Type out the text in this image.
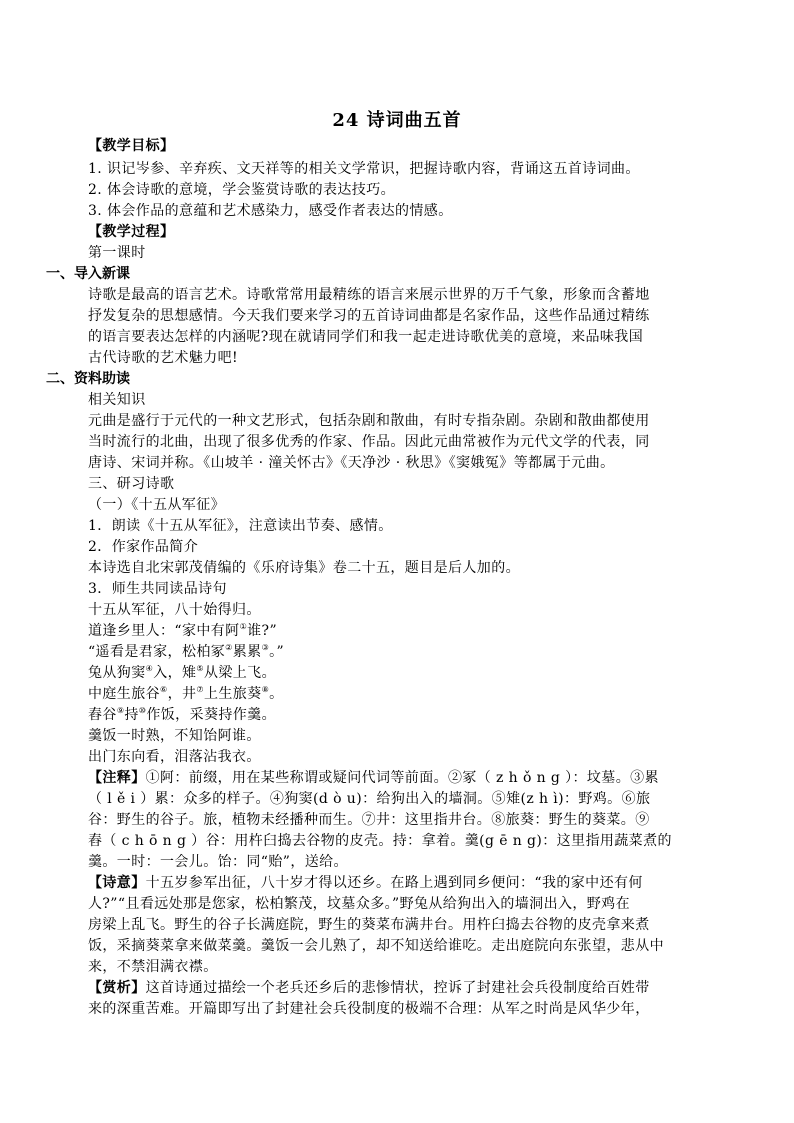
24 诗词曲五首
【教学目标】
1. 识记岑参、辛弃疾、文天祥等的相关文学常识，把握诗歌内容，背诵这五首诗词曲。
2. 体会诗歌的意境，学会鉴赏诗歌的表达技巧。
3. 体会作品的意蕴和艺术感染力，感受作者表达的情感。
【教学过程】
第一课时
一、导入新课
诗歌是最高的语言艺术。诗歌常常用最精练的语言来展示世界的万千气象，形象而含蓄地
抒发复杂的思想感情。今天我们要来学习的五首诗词曲都是名家作品，这些作品通过精练
的语言要表达怎样的内涵呢?现在就请同学们和我一起走进诗歌优美的意境，来品味我国
古代诗歌的艺术魅力吧!
二、资料助读
相关知识
元曲是盛行于元代的一种文艺形式，包括杂剧和散曲，有时专指杂剧。杂剧和散曲都使用
当时流行的北曲，出现了很多优秀的作家、作品。因此元曲常被作为元代文学的代表，同
唐诗、宋词并称。《山坡羊 · 潼关怀古》《天净沙 · 秋思》《窦娥冤》等都属于元曲。
三、研习诗歌
（一）《十五从军征》
1．朗读《十五从军征》，注意读出节奏、感情。
2．作家作品简介
本诗选自北宋郭茂倩编的《乐府诗集》卷二十五，题目是后人加的。
3．师生共同读品诗句
十五从军征，八十始得归。
道逢乡里人：“家中有阿①谁?”
“遥看是君家，松柏冢②累累③。”
兔从狗窦④入，雉⑤从梁上飞。
中庭生旅谷⑥，井⑦上生旅葵⑧。
舂谷⑨持⑩作饭，采葵持作羹。
羹饭一时熟，不知饴阿谁。
出门东向看，泪落沾我衣。
【注释】①阿：前缀，用在某些称谓或疑问代词等前面。②冢（ z h ǒ n g ）：坟墓。③累
（ l ě i ）累：众多的样子。④狗窦(d ò u)：给狗出入的墙洞。⑤雉(z h ì)：野鸡。⑥旅
谷：野生的谷子。旅，植物未经播种而生。⑦井：这里指井台。⑧旅葵：野生的葵菜。⑨
舂（ c h ō n g ）谷：用杵臼捣去谷物的皮壳。持：拿着。羹(g ē n g)：这里指用蔬菜煮的
羹。一时：一会儿。饴：同“贻”，送给。
【诗意】十五岁参军出征，八十岁才得以还乡。在路上遇到同乡便问：“我的家中还有何
人?”“且看远处那是您家，松柏繁茂，坟墓众多。”野兔从给狗出入的墙洞出入，野鸡在
房梁上乱飞。野生的谷子长满庭院，野生的葵菜布满井台。用杵臼捣去谷物的皮壳拿来煮
饭，采摘葵菜拿来做菜羹。羹饭一会儿熟了，却不知送给谁吃。走出庭院向东张望，悲从中
来，不禁泪满衣襟。
【赏析】这首诗通过描绘一个老兵还乡后的悲惨情状，控诉了封建社会兵役制度给百姓带
来的深重苦难。开篇即写出了封建社会兵役制度的极端不合理：从军之时尚是风华少年，
